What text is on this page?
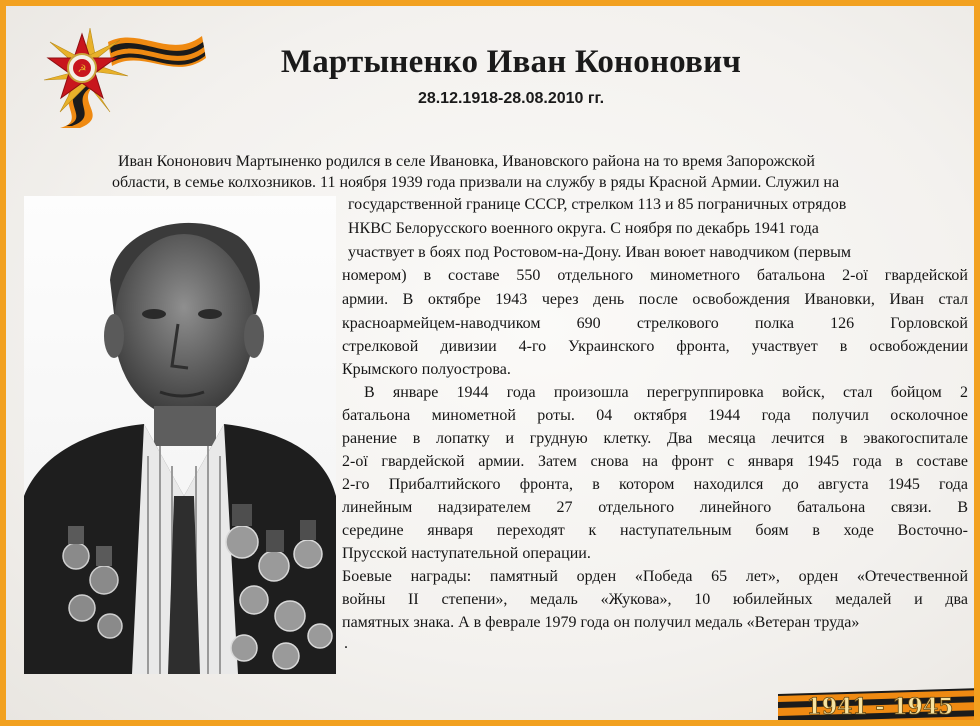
☭	Мартыненко Иван Кононович
28.12.1918-28.08.2010 гг.
Иван Кононович Мартыненко родился в селе Ивановка, Ивановского района на то время Запорожской
области, в семье колхозников. 11 ноября 1939 года призвали на службу в ряды Красной Армии. Служил на
государственной границе СССР, стрелком 113 и 85 пограничных отрядов
НКВС Белорусского военного округа. С ноября по декабрь 1941 года
участвует в боях под Ростовом-на-Дону. Иван воюет наводчиком (первым
номером) в составе 550 отдельного минометного батальона 2-ої гвардейской
армии. В октябре 1943 через день после освобождения Ивановки, Иван стал
красноармейцем-наводчиком 690 стрелкового полка 126 Горловской
стрелковой дивизии 4-го Украинского фронта, участвует в освобождении
Крымского полуострова.
В январе 1944 года произошла перегруппировка войск, стал бойцом 2
батальона минометной роты. 04 октября 1944 года получил осколочное
ранение в лопатку и грудную клетку. Два месяца лечится в эвакогоспитале
2-ої гвардейской армии. Затем снова на фронт с января 1945 года в составе
2-го Прибалтийского фронта, в котором находился до августа 1945 года
линейным надзирателем 27 отдельного линейного батальона связи. В
середине января переходят к наступательным боям в ходе Восточно-
Прусской наступательной операции.
Боевые награды: памятный орден «Победа 65 лет», орден «Отечественной
войны II степени», медаль «Жукова», 10 юбилейных медалей и два
памятных знака. А в феврале 1979 года он получил медаль «Ветеран труда»
.
1941 - 1945
